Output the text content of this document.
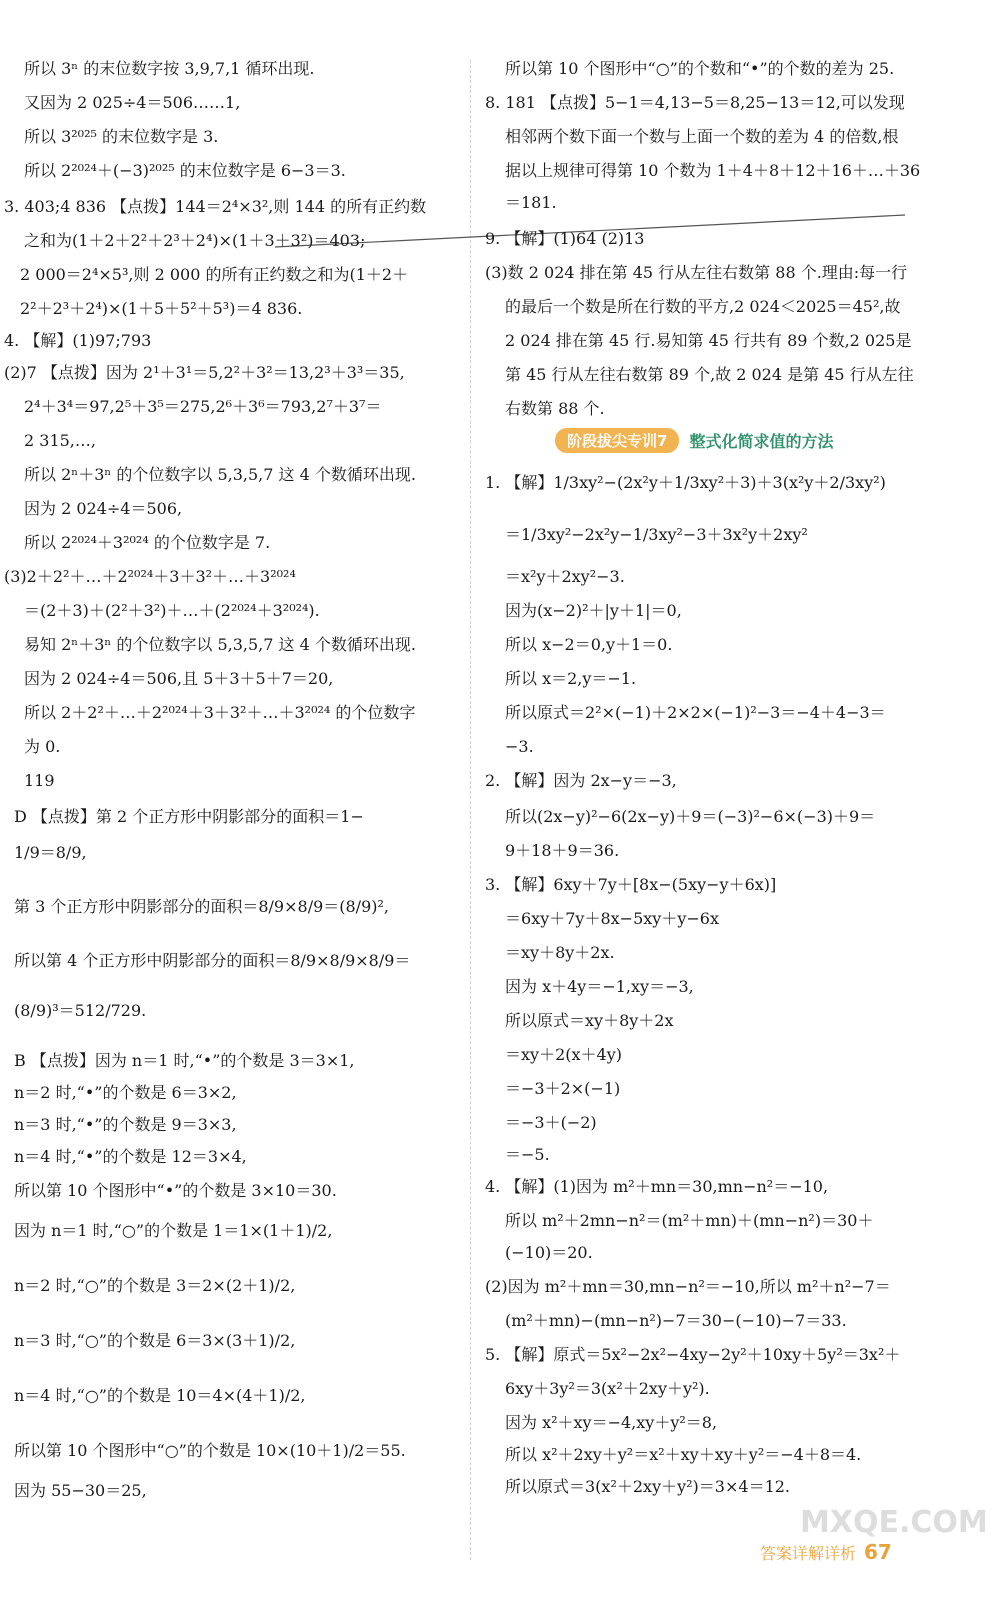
所以 3ⁿ 的末位数字按 3,9,7,1 循环出现.
又因为 2 025÷4＝506……1,
所以 3²⁰²⁵ 的末位数字是 3.
所以 2²⁰²⁴＋(−3)²⁰²⁵ 的末位数字是 6−3＝3.
3. 403;4 836 【点拨】144＝2⁴×3²,则 144 的所有正约数
之和为(1＋2＋2²＋2³＋2⁴)×(1＋3＋3²)＝403;
2 000＝2⁴×5³,则 2 000 的所有正约数之和为(1＋2＋
2²＋2³＋2⁴)×(1＋5＋5²＋5³)＝4 836.
4. 【解】(1)97;793
(2)7 【点拨】因为 2¹＋3¹＝5,2²＋3²＝13,2³＋3³＝35,
2⁴＋3⁴＝97,2⁵＋3⁵＝275,2⁶＋3⁶＝793,2⁷＋3⁷＝
2 315,…,
所以 2ⁿ＋3ⁿ 的个位数字以 5,3,5,7 这 4 个数循环出现.
因为 2 024÷4＝506,
所以 2²⁰²⁴＋3²⁰²⁴ 的个位数字是 7.
(3)2＋2²＋…＋2²⁰²⁴＋3＋3²＋…＋3²⁰²⁴
＝(2＋3)＋(2²＋3²)＋…＋(2²⁰²⁴＋3²⁰²⁴).
易知 2ⁿ＋3ⁿ 的个位数字以 5,3,5,7 这 4 个数循环出现.
因为 2 024÷4＝506,且 5＋3＋5＋7＝20,
所以 2＋2²＋…＋2²⁰²⁴＋3＋3²＋…＋3²⁰²⁴ 的个位数字
为 0.
119
D 【点拨】第 2 个正方形中阴影部分的面积＝1−
1/9＝8/9,
第 3 个正方形中阴影部分的面积＝8/9×8/9＝(8/9)²,
所以第 4 个正方形中阴影部分的面积＝8/9×8/9×8/9＝
(8/9)³＝512/729.
B 【点拨】因为 n＝1 时,“•”的个数是 3＝3×1,
n＝2 时,“•”的个数是 6＝3×2,
n＝3 时,“•”的个数是 9＝3×3,
n＝4 时,“•”的个数是 12＝3×4,
所以第 10 个图形中“•”的个数是 3×10＝30.
因为 n＝1 时,“○”的个数是 1＝1×(1＋1)/2,
n＝2 时,“○”的个数是 3＝2×(2＋1)/2,
n＝3 时,“○”的个数是 6＝3×(3＋1)/2,
n＝4 时,“○”的个数是 10＝4×(4＋1)/2,
所以第 10 个图形中“○”的个数是 10×(10＋1)/2＝55.
因为 55−30＝25,
所以第 10 个图形中“○”的个数和“•”的个数的差为 25.
8. 181 【点拨】5−1＝4,13−5＝8,25−13＝12,可以发现
相邻两个数下面一个数与上面一个数的差为 4 的倍数,根
据以上规律可得第 10 个数为 1＋4＋8＋12＋16＋…＋36
＝181.
9. 【解】(1)64 (2)13
(3)数 2 024 排在第 45 行从左往右数第 88 个.理由:每一行
的最后一个数是所在行数的平方,2 024＜2025＝45²,故
2 024 排在第 45 行.易知第 45 行共有 89 个数,2 025是
第 45 行从左往右数第 89 个,故 2 024 是第 45 行从左往
右数第 88 个.
1. 【解】1/3xy²−(2x²y＋1/3xy²＋3)＋3(x²y＋2/3xy²)
＝1/3xy²−2x²y−1/3xy²−3＋3x²y＋2xy²
＝x²y＋2xy²−3.
因为(x−2)²＋|y＋1|＝0,
所以 x−2＝0,y＋1＝0.
所以 x＝2,y＝−1.
所以原式＝2²×(−1)＋2×2×(−1)²−3＝−4＋4−3＝
−3.
2. 【解】因为 2x−y＝−3,
所以(2x−y)²−6(2x−y)＋9＝(−3)²−6×(−3)＋9＝
9＋18＋9＝36.
3. 【解】6xy＋7y＋[8x−(5xy−y＋6x)]
＝6xy＋7y＋8x−5xy＋y−6x
＝xy＋8y＋2x.
因为 x＋4y＝−1,xy＝−3,
所以原式＝xy＋8y＋2x
＝xy＋2(x＋4y)
＝−3＋2×(−1)
＝−3＋(−2)
＝−5.
4. 【解】(1)因为 m²＋mn＝30,mn−n²＝−10,
所以 m²＋2mn−n²＝(m²＋mn)＋(mn−n²)＝30＋
(−10)＝20.
(2)因为 m²＋mn＝30,mn−n²＝−10,所以 m²＋n²−7＝
(m²＋mn)−(mn−n²)−7＝30−(−10)−7＝33.
5. 【解】原式＝5x²−2x²−4xy−2y²＋10xy＋5y²＝3x²＋
6xy＋3y²＝3(x²＋2xy＋y²).
因为 x²＋xy＝−4,xy＋y²＝8,
所以 x²＋2xy＋y²＝x²＋xy＋xy＋y²＝−4＋8＝4.
所以原式＝3(x²＋2xy＋y²)＝3×4＝12.
阶段拔尖专训7	整式化简求值的方法
MXQE.COM
答案详解详析 67
